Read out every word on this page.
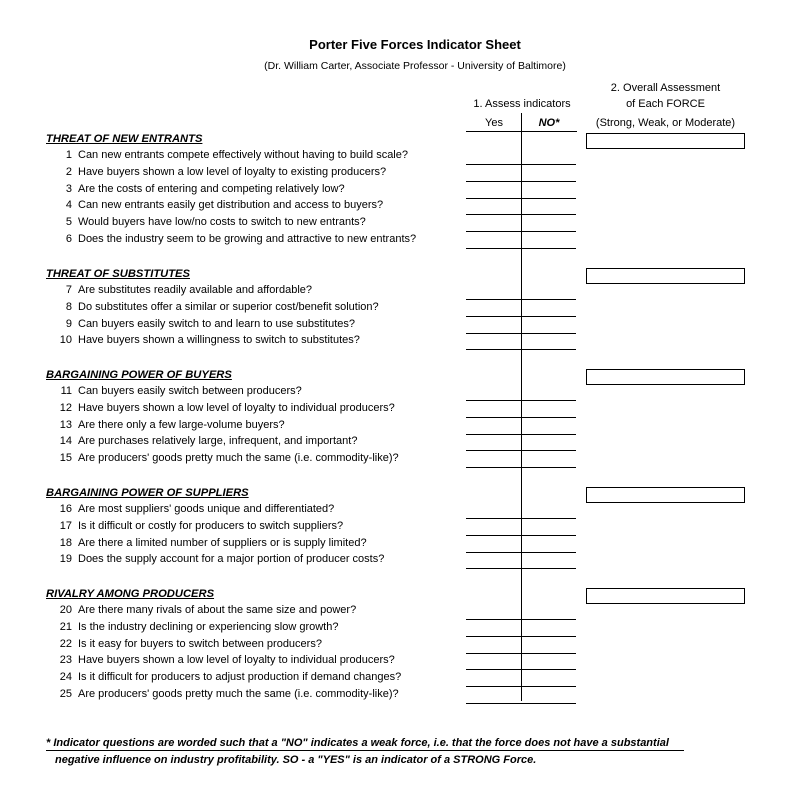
Porter Five Forces Indicator Sheet
(Dr. William Carter, Associate Professor - University of Baltimore)
1. Assess indicators
Yes	NO*
2. Overall Assessment
of Each FORCE
(Strong, Weak, or Moderate)
THREAT OF NEW ENTRANTS
1 Can new entrants compete effectively without having to build scale?
2 Have buyers shown a low level of loyalty to existing producers?
3 Are the costs of entering and competing relatively low?
4 Can new entrants easily get distribution and access to buyers?
5 Would buyers have low/no costs to switch to new entrants?
6 Does the industry seem to be growing and attractive to new entrants?
THREAT OF SUBSTITUTES
7 Are substitutes readily available and affordable?
8 Do substitutes offer a similar or superior cost/benefit solution?
9 Can buyers easily switch to and learn to use substitutes?
10 Have buyers shown a willingness to switch to substitutes?
BARGAINING POWER OF BUYERS
11 Can buyers easily switch between producers?
12 Have buyers shown a low level of loyalty to individual producers?
13 Are there only a few large-volume buyers?
14 Are purchases relatively large, infrequent, and important?
15 Are producers' goods pretty much the same (i.e. commodity-like)?
BARGAINING POWER OF SUPPLIERS
16 Are most suppliers' goods unique and differentiated?
17 Is it difficult or costly for producers to switch suppliers?
18 Are there a limited number of suppliers or is supply limited?
19 Does the supply account for a major portion of producer costs?
RIVALRY AMONG PRODUCERS
20 Are there many rivals of about the same size and power?
21 Is the industry declining or experiencing slow growth?
22 Is it easy for buyers to switch between producers?
23 Have buyers shown a low level of loyalty to individual producers?
24 Is it difficult for producers to adjust production if demand changes?
25 Are producers' goods pretty much the same (i.e. commodity-like)?
* Indicator questions are worded such that a "NO" indicates a weak force, i.e. that the force does not have a substantial
negative influence on industry profitability. SO - a "YES" is an indicator of a STRONG Force.
